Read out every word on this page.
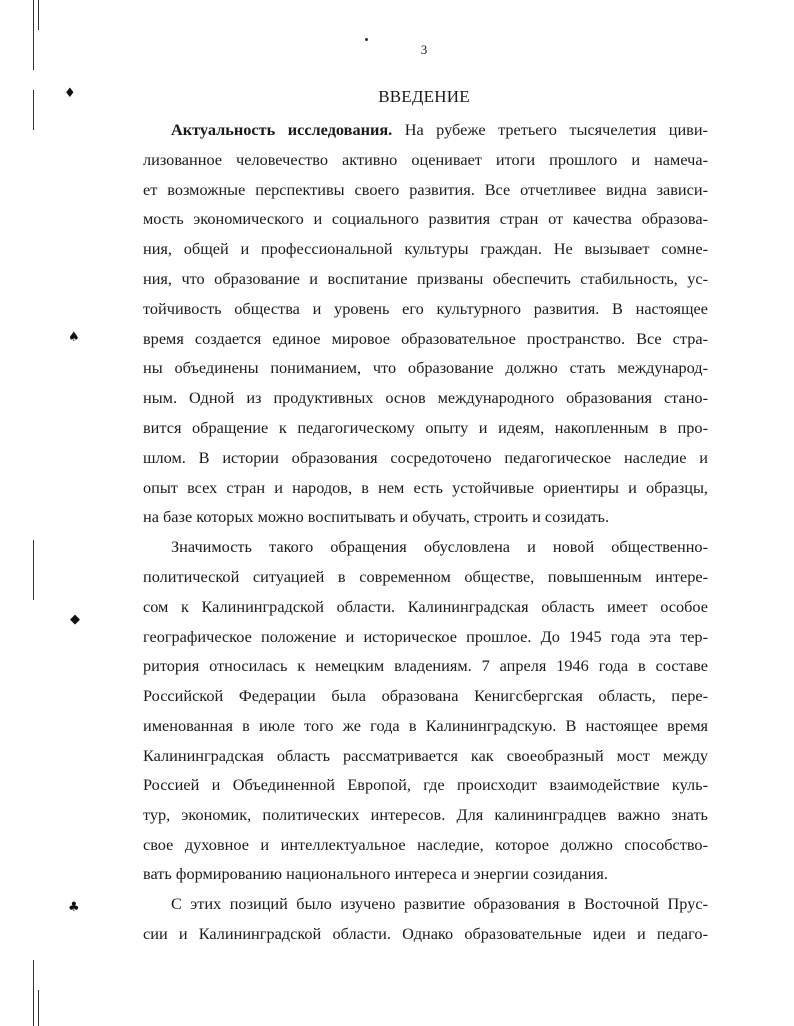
♦
♠
◆
♣
3
ВВЕДЕНИЕ
Актуальность исследования. На рубеже третьего тысячелетия циви-
лизованное человечество активно оценивает итоги прошлого и намеча-
ет возможные перспективы своего развития. Все отчетливее видна зависи-
мость экономического и социального развития стран от качества образова-
ния, общей и профессиональной культуры граждан. Не вызывает сомне-
ния, что образование и воспитание призваны обеспечить стабильность, ус-
тойчивость общества и уровень его культурного развития. В настоящее
время создается единое мировое образовательное пространство. Все стра-
ны объединены пониманием, что образование должно стать международ-
ным. Одной из продуктивных основ международного образования стано-
вится обращение к педагогическому опыту и идеям, накопленным в про-
шлом. В истории образования сосредоточено педагогическое наследие и
опыт всех стран и народов, в нем есть устойчивые ориентиры и образцы,
на базе которых можно воспитывать и обучать, строить и созидать.
Значимость такого обращения обусловлена и новой общественно-
политической ситуацией в современном обществе, повышенным интере-
сом к Калининградской области. Калининградская область имеет особое
географическое положение и историческое прошлое. До 1945 года эта тер-
ритория относилась к немецким владениям. 7 апреля 1946 года в составе
Российской Федерации была образована Кенигсбергская область, пере-
именованная в июле того же года в Калининградскую. В настоящее время
Калининградская область рассматривается как своеобразный мост между
Россией и Объединенной Европой, где происходит взаимодействие куль-
тур, экономик, политических интересов. Для калининградцев важно знать
свое духовное и интеллектуальное наследие, которое должно способство-
вать формированию национального интереса и энергии созидания.
С этих позиций было изучено развитие образования в Восточной Прус-
сии и Калининградской области. Однако образовательные идеи и педаго-
